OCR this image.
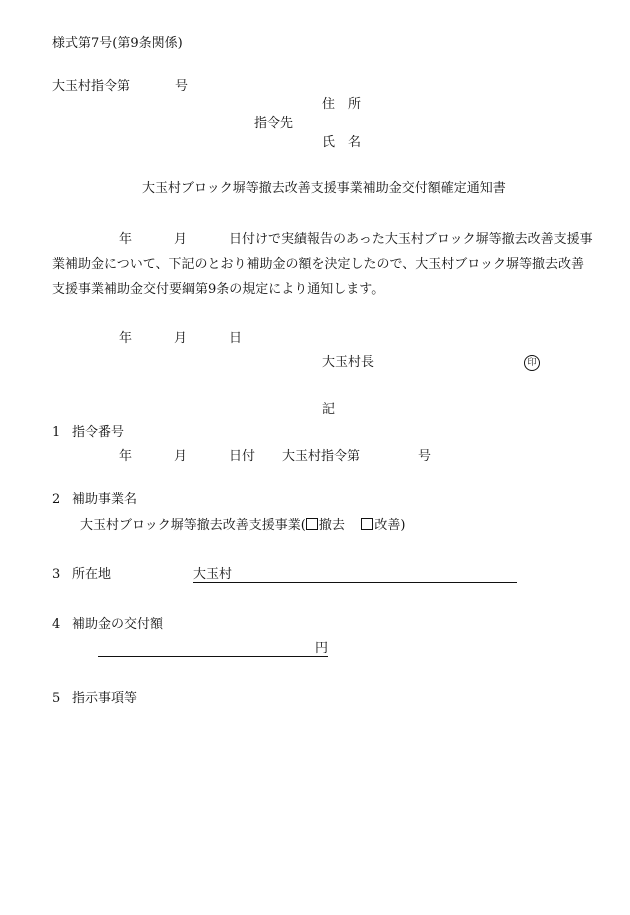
様式第7号(第9条関係)
大玉村指令第	号
住　所
指令先
氏　名
大玉村ブロック塀等撤去改善支援事業補助金交付額確定通知書
年	月	日付けで実績報告のあった大玉村ブロック塀等撤去改善支援事
業補助金について、下記のとおり補助金の額を決定したので、大玉村ブロック塀等撤去改善
支援事業補助金交付要綱第9条の規定により通知します。
年	月	日
大玉村長	印
記
1 指令番号
年	月	日付 大玉村指令第	号
2 補助事業名
大玉村ブロック塀等撤去改善支援事業( 撤去 改善)
3 所在地	大玉村
4 補助金の交付額
円
5 指示事項等
